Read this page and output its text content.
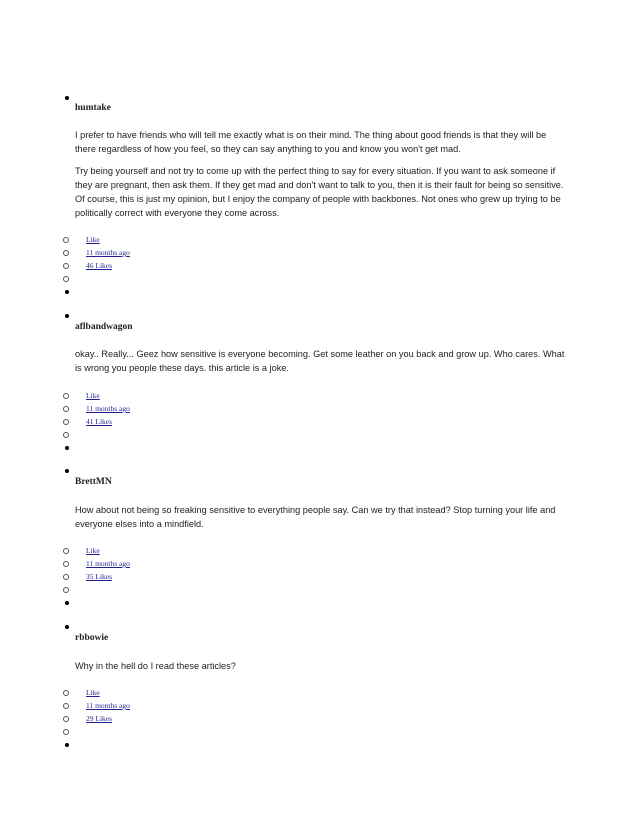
humtake

I prefer to have friends who will tell me exactly what is on their mind. The thing about good friends is that they will be there regardless of how you feel, so they can say anything to you and know you won't get mad.

Try being yourself and not try to come up with the perfect thing to say for every situation. If you want to ask someone if they are pregnant, then ask them. If they get mad and don't want to talk to you, then it is their fault for being so sensitive. Of course, this is just my opinion, but I enjoy the company of people with backbones. Not ones who grew up trying to be politically correct with everyone they come across.

Like
11 months ago
46 Likes
aflbandwagon

okay.. Really... Geez how sensitive is everyone becoming. Get some leather on you back and grow up. Who cares. What is wrong you people these days. this article is a joke.

Like
11 months ago
41 Likes
BrettMN

How about not being so freaking sensitive to everything people say. Can we try that instead? Stop turning your life and everyone elses into a mindfield.

Like
11 months ago
35 Likes
rbbowie

Why in the hell do I read these articles?

Like
11 months ago
29 Likes
